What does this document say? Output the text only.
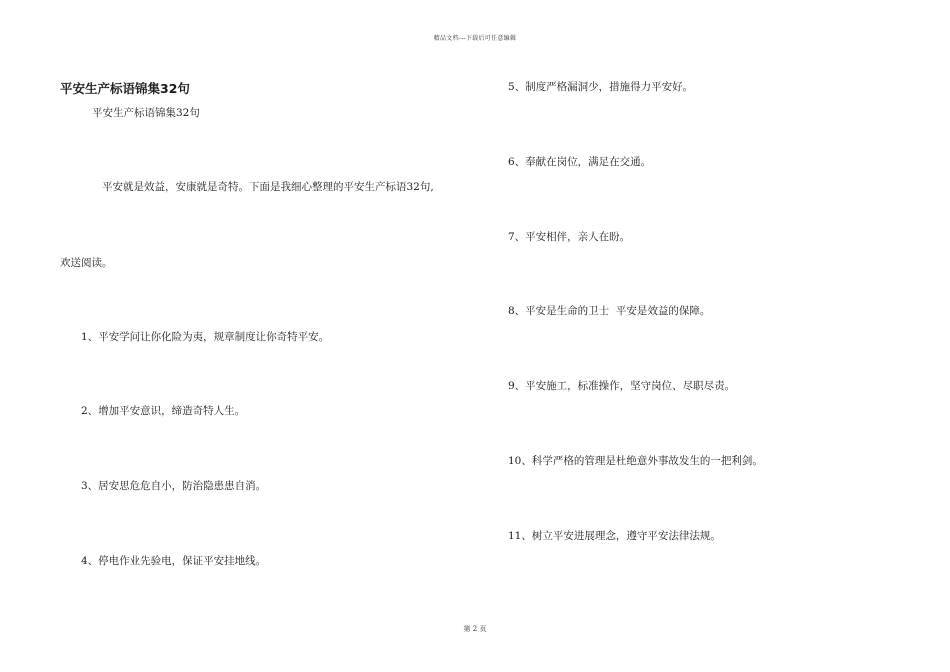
精品文档---下载后可任意编辑
平安生产标语锦集32句
平安生产标语锦集32句
平安就是效益，安康就是奇特。下面是我细心整理的平安生产标语32句,
欢送阅读。
1、平安学问让你化险为夷，规章制度让你奇特平安。
2、增加平安意识，缔造奇特人生。
3、居安思危危自小，防治隐患患自消。
4、停电作业先验电，保证平安挂地线。
5、制度严格漏洞少，措施得力平安好。
6、奉献在岗位，满足在交通。
7、平安相伴，亲人在盼。
8、平安是生命的卫士  平安是效益的保障。
9、平安施工，标准操作，坚守岗位、尽职尽责。
10、科学严格的管理是杜绝意外事故发生的一把利剑。
11、树立平安进展理念，遵守平安法律法规。
第 2 页
